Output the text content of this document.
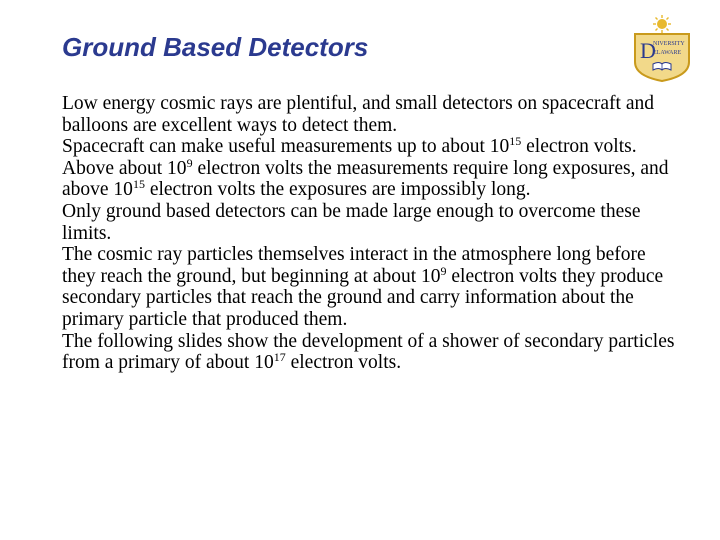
Ground Based Detectors	D
NIVERSITY
ELAWARE

Low energy cosmic rays are plentiful, and small detectors on spacecraft and balloons are excellent ways to detect them.

Spacecraft can make useful measurements up to about $10^{15}$ electron volts.

Above about $10^9$ electron volts the measurements require long exposures, and above $10^{15}$ electron volts the exposures are impossibly long.

Only ground based detectors can be made large enough to overcome these limits.

The cosmic ray particles themselves interact in the atmosphere long before they reach the ground, but beginning at about $10^9$ electron volts they produce secondary particles that reach the ground and carry information about the primary particle that produced them.

The following slides show the development of a shower of secondary particles from a primary of about $10^{17}$ electron volts.
